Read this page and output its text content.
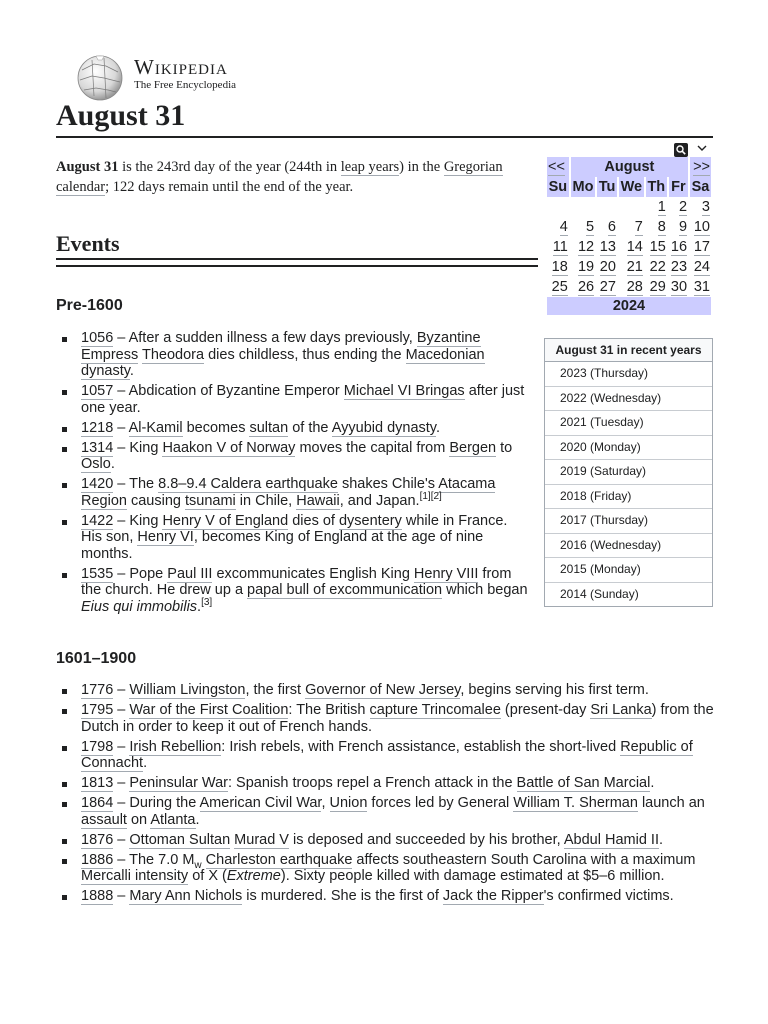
Wikipedia
The Free Encyclopedia
August 31

August 31 is the 243rd day of the year (244th in leap years) in the Gregorian
calendar; 122 days remain until the end of the year.

Events
Pre-1600
1056 – After a sudden illness a few days previously, Byzantine Empress Theodora dies childless, thus ending the Macedonian dynasty.
1057 – Abdication of Byzantine Emperor Michael VI Bringas after just one year.
1218 – Al-Kamil becomes sultan of the Ayyubid dynasty.
1314 – King Haakon V of Norway moves the capital from Bergen to Oslo.
1420 – The 8.8–9.4 Caldera earthquake shakes Chile's Atacama Region causing tsunami in Chile, Hawaii, and Japan.[1][2]
1422 – King Henry V of England dies of dysentery while in France. His son, Henry VI, becomes King of England at the age of nine months.
1535 – Pope Paul III excommunicates English King Henry VIII from the church. He drew up a papal bull of excommunication which began Eius qui immobilis.[3]
1601–1900
1776 – William Livingston, the first Governor of New Jersey, begins serving his first term.
1795 – War of the First Coalition: The British capture Trincomalee (present-day Sri Lanka) from the Dutch in order to keep it out of French hands.
1798 – Irish Rebellion: Irish rebels, with French assistance, establish the short-lived Republic of Connacht.
1813 – Peninsular War: Spanish troops repel a French attack in the Battle of San Marcial.
1864 – During the American Civil War, Union forces led by General William T. Sherman launch an assault on Atlanta.
1876 – Ottoman Sultan Murad V is deposed and succeeded by his brother, Abdul Hamid II.
1886 – The 7.0 $M_w$ Charleston earthquake affects southeastern South Carolina with a maximum Mercalli intensity of X (Extreme). Sixty people killed with damage estimated at $5–6 million.
1888 – Mary Ann Nichols is murdered. She is the first of Jack the Ripper's confirmed victims.
<<	August					>>
Su	Mo	Tu	We	Th	Fr	Sa
				1	2	3
4	5	6	7	8	9	10
11	12	13	14	15	16	17
18	19	20	21	22	23	24
25	26	27	28	29	30	31
2024						
August 31 in recent years
2023 (Thursday)
2022 (Wednesday)
2021 (Tuesday)
2020 (Monday)
2019 (Saturday)
2018 (Friday)
2017 (Thursday)
2016 (Wednesday)
2015 (Monday)
2014 (Sunday)
